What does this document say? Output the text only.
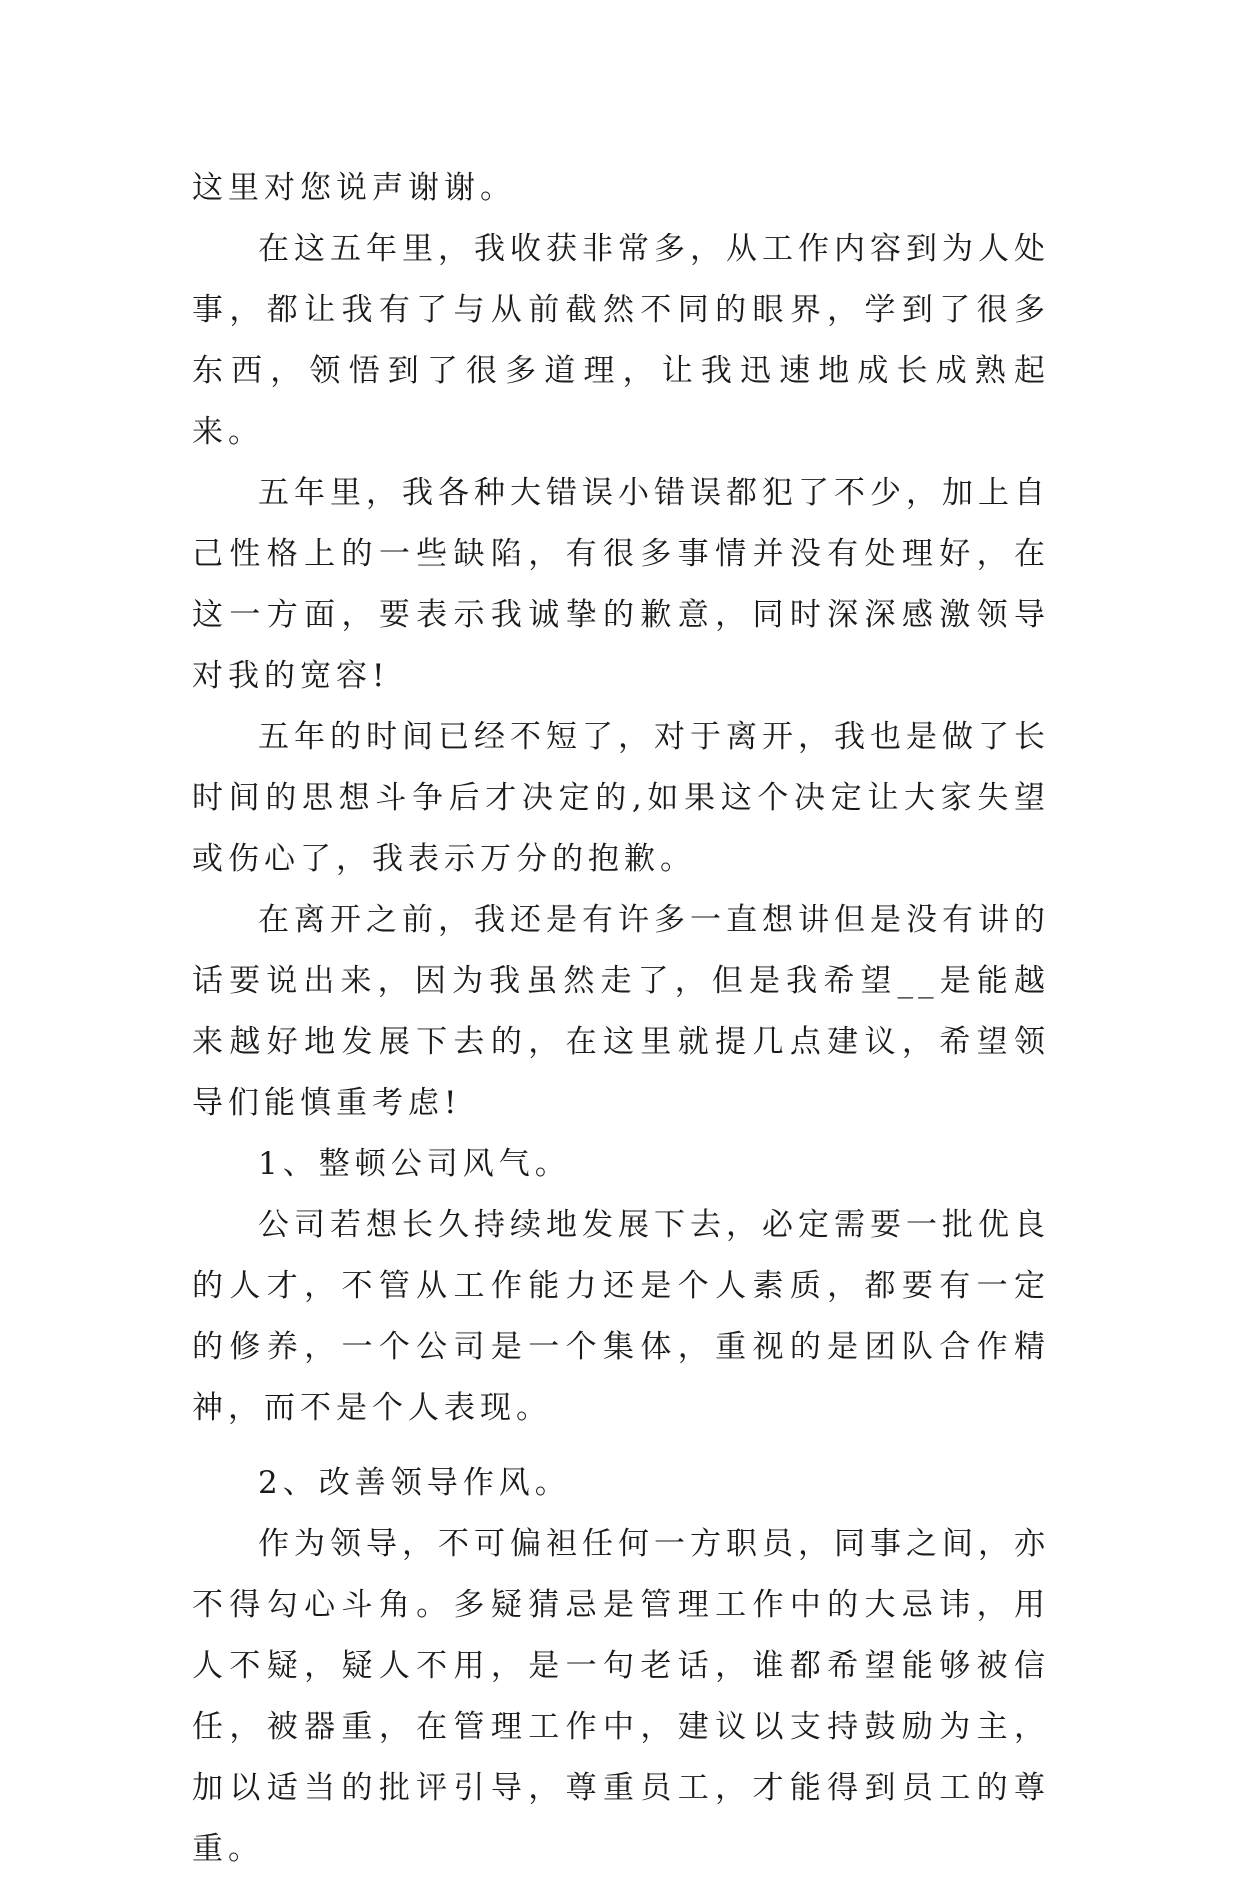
这里对您说声谢谢。

在这五年里，我收获非常多，从工作内容到为人处事，都让我有了与从前截然不同的眼界，学到了很多东西，领悟到了很多道理，让我迅速地成长成熟起来。

五年里，我各种大错误小错误都犯了不少，加上自己性格上的一些缺陷，有很多事情并没有处理好，在这一方面，要表示我诚挚的歉意，同时深深感激领导对我的宽容!

五年的时间已经不短了，对于离开，我也是做了长时间的思想斗争后才决定的,如果这个决定让大家失望或伤心了，我表示万分的抱歉。

在离开之前，我还是有许多一直想讲但是没有讲的话要说出来，因为我虽然走了，但是我希望__是能越来越好地发展下去的，在这里就提几点建议，希望领导们能慎重考虑!

1、整顿公司风气。

公司若想长久持续地发展下去，必定需要一批优良的人才，不管从工作能力还是个人素质，都要有一定的修养，一个公司是一个集体，重视的是团队合作精神，而不是个人表现。

2、改善领导作风。

作为领导，不可偏袒任何一方职员，同事之间，亦不得勾心斗角。多疑猜忌是管理工作中的大忌讳，用人不疑，疑人不用，是一句老话，谁都希望能够被信任，被器重，在管理工作中，建议以支持鼓励为主，加以适当的批评引导，尊重员工，才能得到员工的尊重。
